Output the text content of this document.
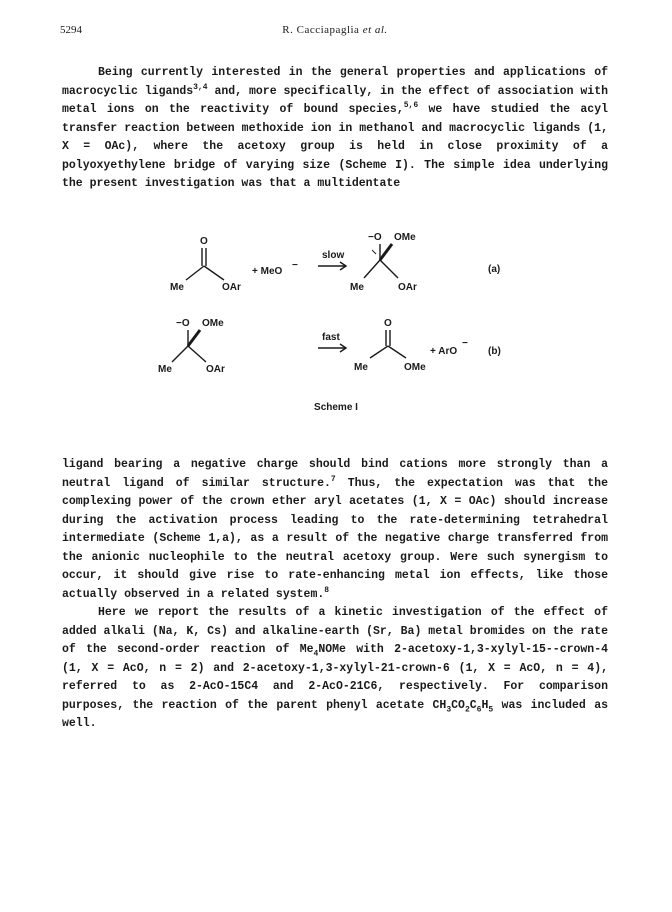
5294	R. Cacciapaglia et al.

Being currently interested in the general properties and applications of macrocyclic ligands$^{3,4}$ and, more specifically, in the effect of association with metal ions on the reactivity of bound species,$^{5,6}$ we have studied the acyl transfer reaction between methoxide ion in methanol and macrocyclic ligands (1, X = OAc), where the acetoxy group is held in close proximity of a polyoxyethylene bridge of varying size (Scheme I). The simple idea underlying the present investigation was that a multidentate

O
Me	OAr
+ MeO
−
slow
−O OMe
Me	OAr
(a)
−O OMe
Me	OAr
fast
O
Me	OMe
+ ArO
−
(b)
Scheme I

ligand bearing a negative charge should bind cations more strongly than a neutral ligand of similar structure.$^7$ Thus, the expectation was that the complexing power of the crown ether aryl acetates (1, X = OAc) should increase during the activation process leading to the rate-determining tetrahedral intermediate (Scheme 1,a), as a result of the negative charge transferred from the anionic nucleophile to the neutral acetoxy group. Were such synergism to occur, it should give rise to rate-enhancing metal ion effects, like those actually observed in a related system.$^8$

Here we report the results of a kinetic investigation of the effect of added alkali (Na, K, Cs) and alkaline-earth (Sr, Ba) metal bromides on the rate of the second-order reaction of $Me_4NOMe$ with 2-acetoxy-1,3-xylyl-15--crown-4 (1, X = AcO, n = 2) and 2-acetoxy-1,3-xylyl-21-crown-6 (1, X = AcO, n = 4), referred to as 2-AcO-15C4 and 2-AcO-21C6, respectively. For comparison purposes, the reaction of the parent phenyl acetate $CH_3CO_2C_6H_5$ was included as well.
